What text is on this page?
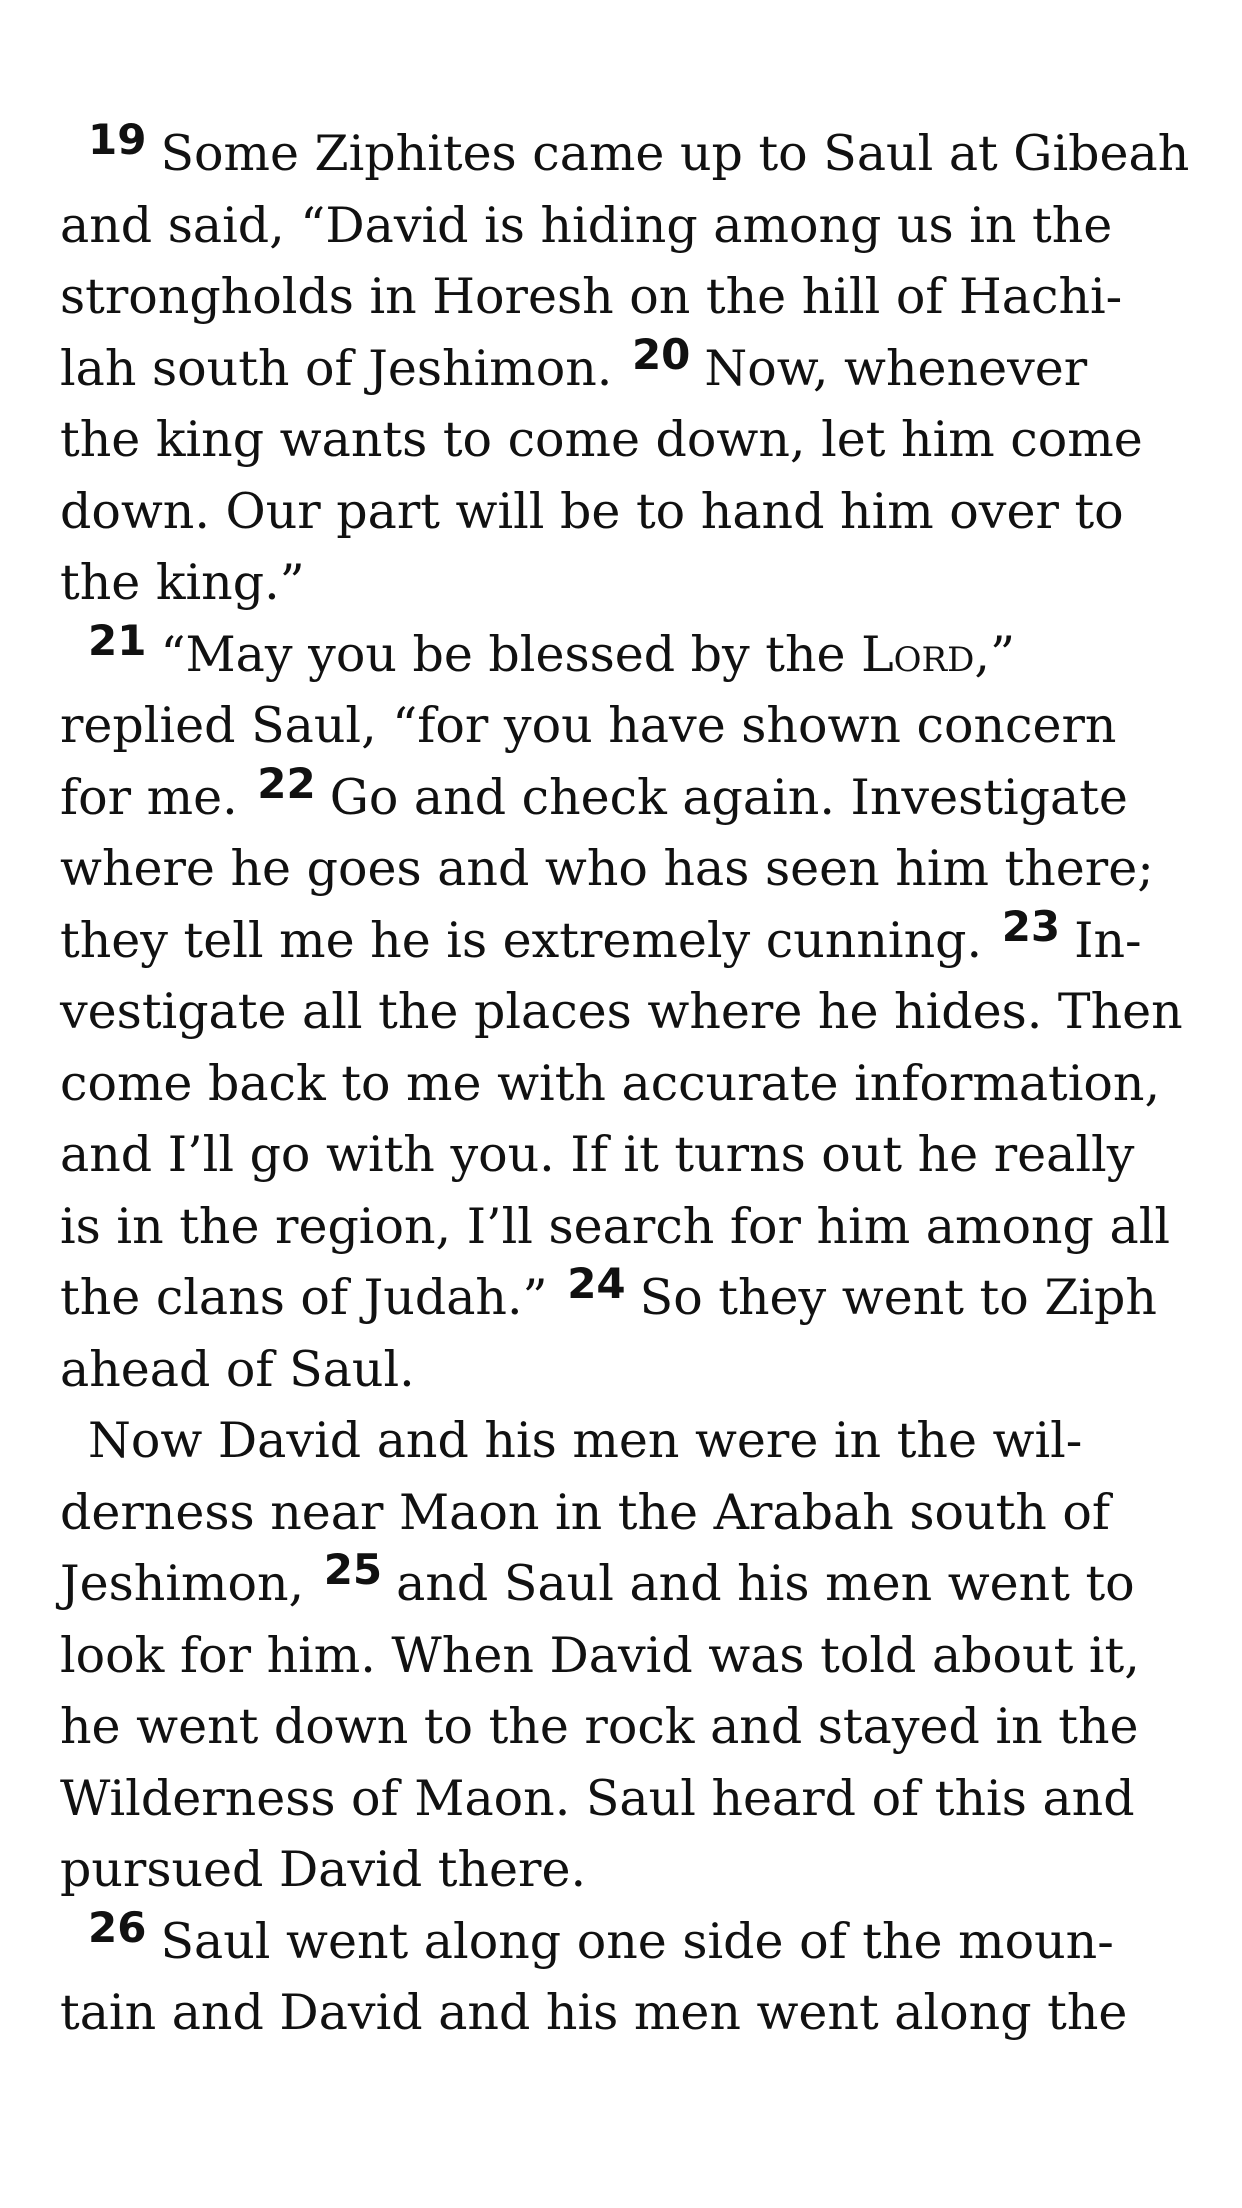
19 Some Ziphites came up to Saul at Gibeah
and said, “David is hiding among us in the
strongholds in Horesh on the hill of Hachi-
lah south of Jeshimon. 20 Now, whenever
the king wants to come down, let him come
down. Our part will be to hand him over to
the king.”
21 “May you be blessed by the Lord,”
replied Saul, “for you have shown concern
for me. 22 Go and check again. Investigate
where he goes and who has seen him there;
they tell me he is extremely cunning. 23 In-
vestigate all the places where he hides. Then
come back to me with accurate information,
and I’ll go with you. If it turns out he really
is in the region, I’ll search for him among all
the clans of Judah.” 24 So they went to Ziph
ahead of Saul.
Now David and his men were in the wil-
derness near Maon in the Arabah south of
Jeshimon, 25 and Saul and his men went to
look for him. When David was told about it,
he went down to the rock and stayed in the
Wilderness of Maon. Saul heard of this and
pursued David there.
26 Saul went along one side of the moun-
tain and David and his men went along the
